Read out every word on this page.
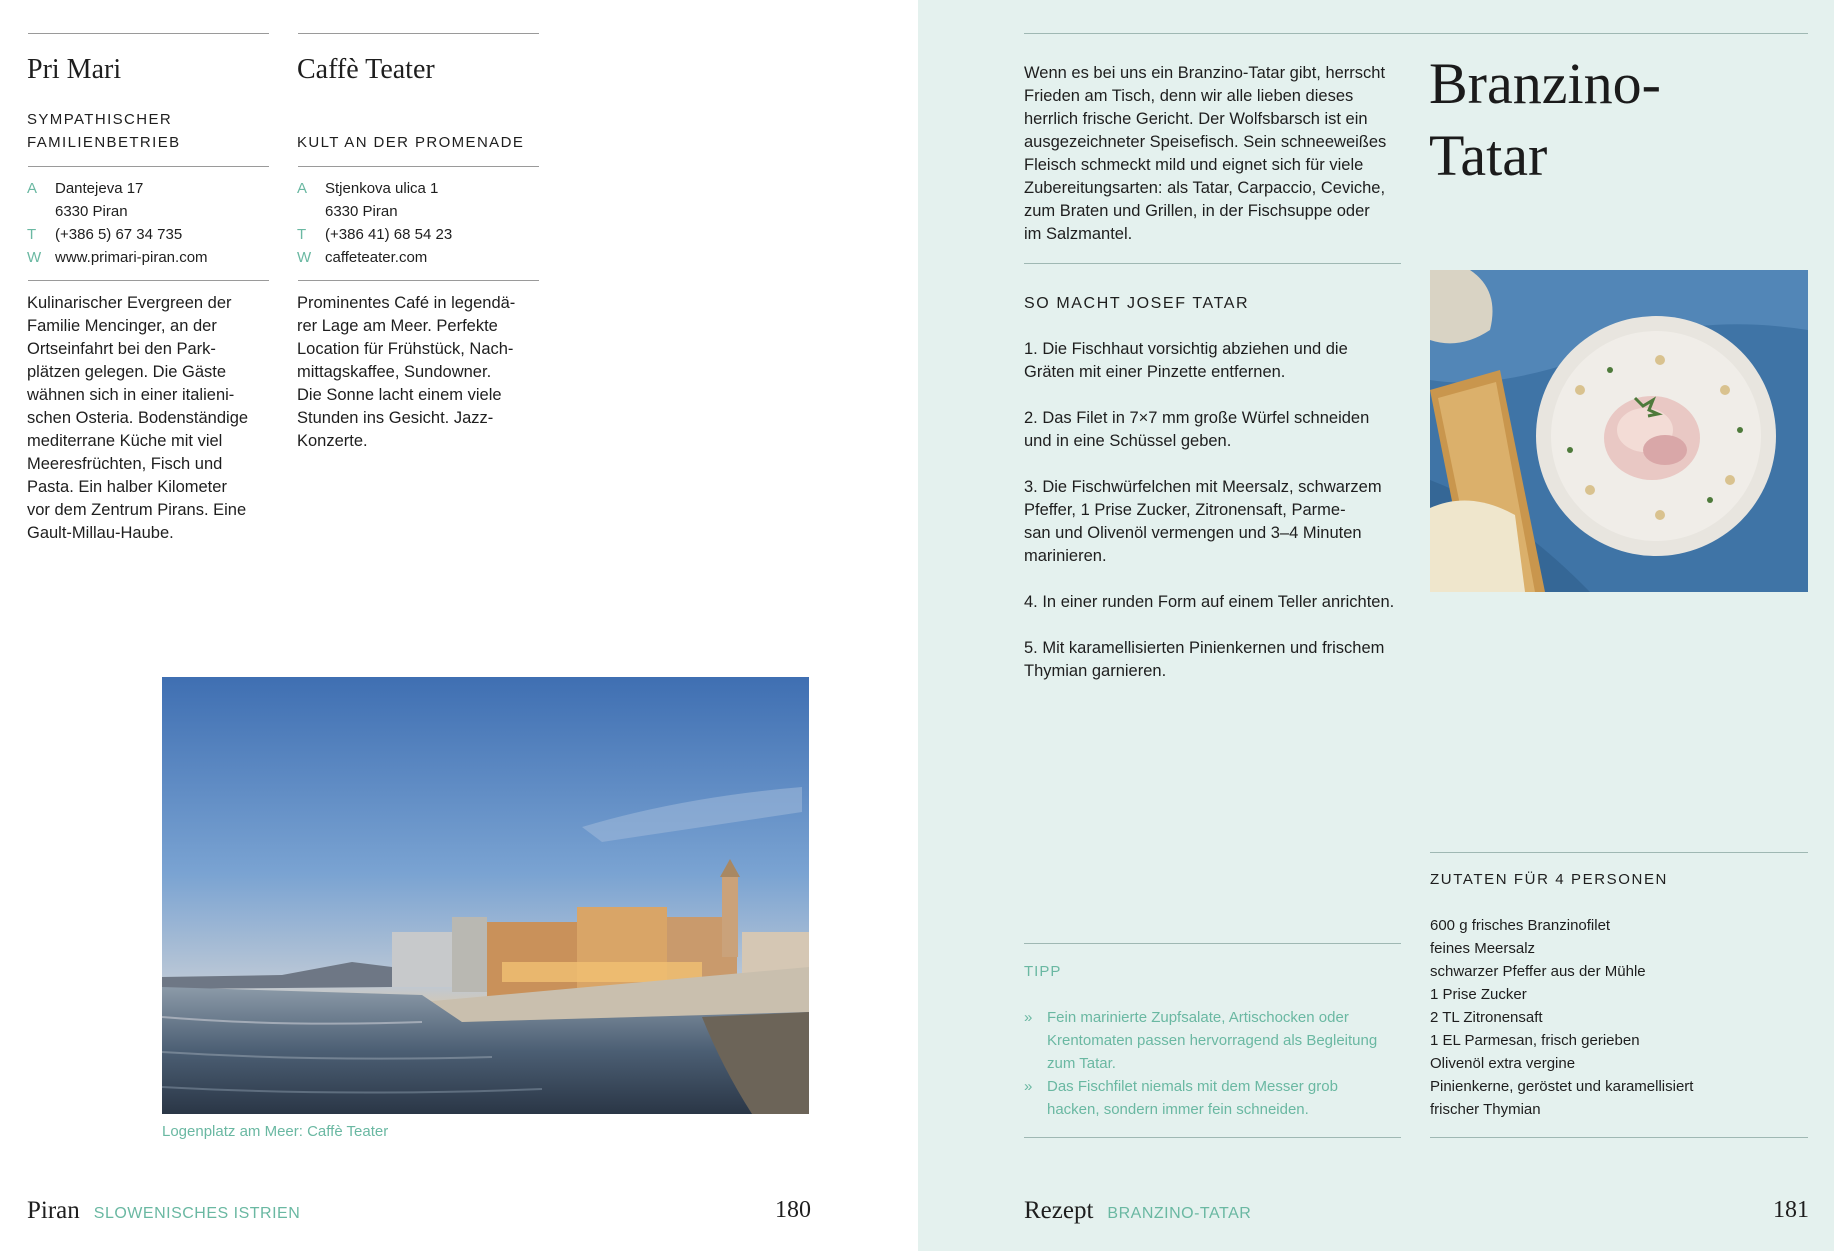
Pri Mari
SYMPATHISCHER
FAMILIENBETRIEB
A	Dantejeva 17
6330 Piran
T	(+386 5) 67 34 735
W www.primari-piran.com
Kulinarischer Evergreen der
Familie Mencinger, an der
Ortseinfahrt bei den Park-
plätzen gelegen. Die Gäste
wähnen sich in einer italieni-
schen Osteria. Bodenständige
mediterrane Küche mit viel
Meeresfrüchten, Fisch und
Pasta. Ein halber Kilometer
vor dem Zentrum Pirans. Eine
Gault-Millau-Haube.
Caffè Teater
KULT AN DER PROMENADE
A	Stjenkova ulica 1
6330 Piran
T	(+386 41) 68 54 23
W caffeteater.com
Prominentes Café in legendä-
rer Lage am Meer. Perfekte
Location für Frühstück, Nach-
mittagskaffee, Sundowner.
Die Sonne lacht einem viele
Stunden ins Gesicht. Jazz-
Konzerte.
Logenplatz am Meer: Caffè Teater
Piran SLOWENISCHES ISTRIEN	180
Wenn es bei uns ein Branzino-Tatar gibt, herrscht
Frieden am Tisch, denn wir alle lieben dieses
herrlich frische Gericht. Der Wolfsbarsch ist ein
ausgezeichneter Speisefisch. Sein schneeweißes
Fleisch schmeckt mild und eignet sich für viele
Zubereitungsarten: als Tatar, Carpaccio, Ceviche,
zum Braten und Grillen, in der Fischsuppe oder
im Salzmantel.
Branzino-
Tatar
SO MACHT JOSEF TATAR
1. Die Fischhaut vorsichtig abziehen und die
Gräten mit einer Pinzette entfernen.
2. Das Filet in 7×7 mm große Würfel schneiden
und in eine Schüssel geben.
3. Die Fischwürfelchen mit Meersalz, schwarzem
Pfeffer, 1 Prise Zucker, Zitronensaft, Parme-
san und Olivenöl vermengen und 3–4 Minuten
marinieren.
4. In einer runden Form auf einem Teller anrichten.
5. Mit karamellisierten Pinienkernen und frischem
Thymian garnieren.
ZUTATEN FÜR 4 PERSONEN
600 g frisches Branzinofilet
feines Meersalz
schwarzer Pfeffer aus der Mühle
1 Prise Zucker
2 TL Zitronensaft
1 EL Parmesan, frisch gerieben
Olivenöl extra vergine
Pinienkerne, geröstet und karamellisiert
frischer Thymian
TIPP
» Fein marinierte Zupfsalate, Artischocken oder
Krentomaten passen hervorragend als Begleitung
zum Tatar.
» Das Fischfilet niemals mit dem Messer grob
hacken, sondern immer fein schneiden.
Rezept BRANZINO-TATAR	181
